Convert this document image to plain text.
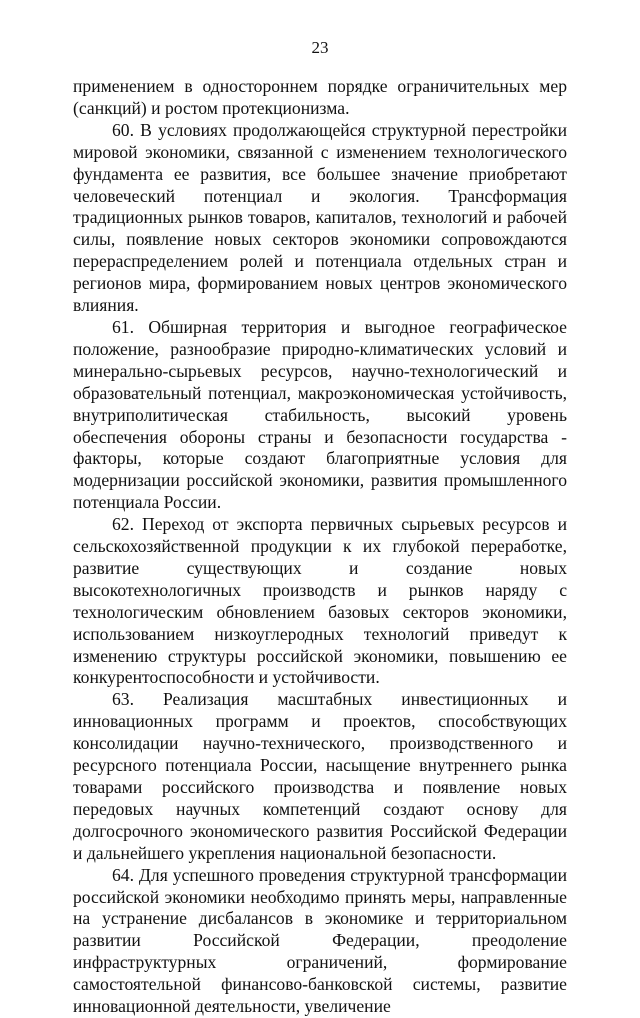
23

применением в одностороннем порядке ограничительных мер (санкций) и ростом протекционизма.

60. В условиях продолжающейся структурной перестройки мировой экономики, связанной с изменением технологического фундамента ее развития, все большее значение приобретают человеческий потенциал и экология. Трансформация традиционных рынков товаров, капиталов, технологий и рабочей силы, появление новых секторов экономики сопровождаются перераспределением ролей и потенциала отдельных стран и регионов мира, формированием новых центров экономического влияния.

61. Обширная территория и выгодное географическое положение, разнообразие природно-климатических условий и минерально-сырьевых ресурсов, научно-технологический и образовательный потенциал, макроэкономическая устойчивость, внутриполитическая стабильность, высокий уровень обеспечения обороны страны и безопасности государства - факторы, которые создают благоприятные условия для модернизации российской экономики, развития промышленного потенциала России.

62. Переход от экспорта первичных сырьевых ресурсов и сельскохозяйственной продукции к их глубокой переработке, развитие существующих и создание новых высокотехнологичных производств и рынков наряду с технологическим обновлением базовых секторов экономики, использованием низкоуглеродных технологий приведут к изменению структуры российской экономики, повышению ее конкурентоспособности и устойчивости.

63. Реализация масштабных инвестиционных и инновационных программ и проектов, способствующих консолидации научно-технического, производственного и ресурсного потенциала России, насыщение внутреннего рынка товарами российского производства и появление новых передовых научных компетенций создают основу для долгосрочного экономического развития Российской Федерации и дальнейшего укрепления национальной безопасности.

64. Для успешного проведения структурной трансформации российской экономики необходимо принять меры, направленные на устранение дисбалансов в экономике и территориальном развитии Российской Федерации, преодоление инфраструктурных ограничений, формирование самостоятельной финансово-банковской системы, развитие инновационной деятельности, увеличение
